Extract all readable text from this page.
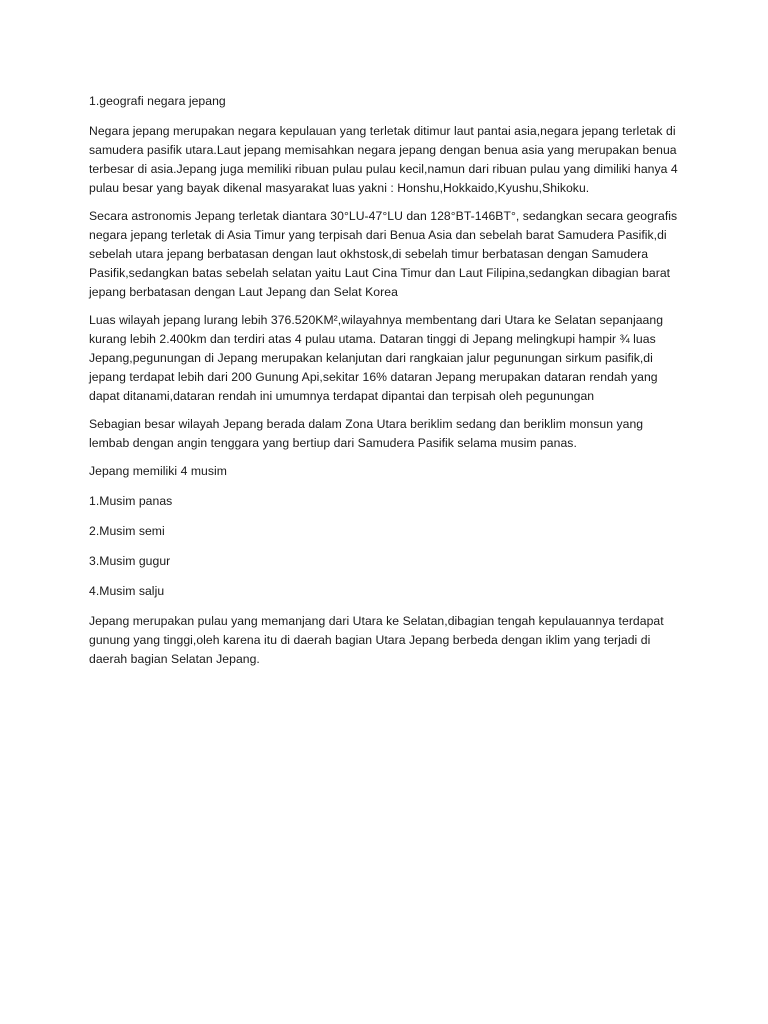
1.geografi negara jepang

Negara jepang merupakan negara kepulauan yang terletak ditimur laut pantai asia,negara jepang terletak di samudera pasifik utara.Laut jepang memisahkan negara jepang dengan benua asia yang merupakan benua terbesar di asia.Jepang juga memiliki ribuan pulau pulau kecil,namun dari ribuan pulau yang dimiliki hanya 4 pulau besar yang bayak dikenal masyarakat luas yakni : Honshu,Hokkaido,Kyushu,Shikoku.

Secara astronomis Jepang terletak diantara 30°LU-47°LU dan 128°BT-146BT°, sedangkan secara geografis negara jepang terletak di Asia Timur yang terpisah dari Benua Asia dan sebelah barat Samudera Pasifik,di sebelah utara jepang berbatasan dengan laut okhstosk,di sebelah timur berbatasan dengan Samudera Pasifik,sedangkan batas sebelah selatan yaitu Laut Cina Timur dan Laut Filipina,sedangkan dibagian barat jepang berbatasan dengan Laut Jepang dan Selat Korea

Luas wilayah jepang lurang lebih 376.520KM²,wilayahnya membentang dari Utara ke Selatan sepanjaang kurang lebih 2.400km dan terdiri atas 4 pulau utama. Dataran tinggi di Jepang melingkupi hampir ¾ luas Jepang,pegunungan di Jepang merupakan kelanjutan dari rangkaian jalur pegunungan sirkum pasifik,di jepang terdapat lebih dari 200 Gunung Api,sekitar 16% dataran Jepang merupakan dataran rendah yang dapat ditanami,dataran rendah ini umumnya terdapat dipantai dan terpisah oleh pegunungan

Sebagian besar wilayah Jepang berada dalam Zona Utara beriklim sedang dan beriklim monsun yang lembab dengan angin tenggara yang bertiup dari Samudera Pasifik selama musim panas.

Jepang memiliki 4 musim

1.Musim panas

2.Musim semi

3.Musim gugur

4.Musim salju

Jepang merupakan pulau yang memanjang dari Utara ke Selatan,dibagian tengah kepulauannya terdapat gunung yang tinggi,oleh karena itu di daerah bagian Utara Jepang berbeda dengan iklim yang terjadi di daerah bagian Selatan Jepang.
